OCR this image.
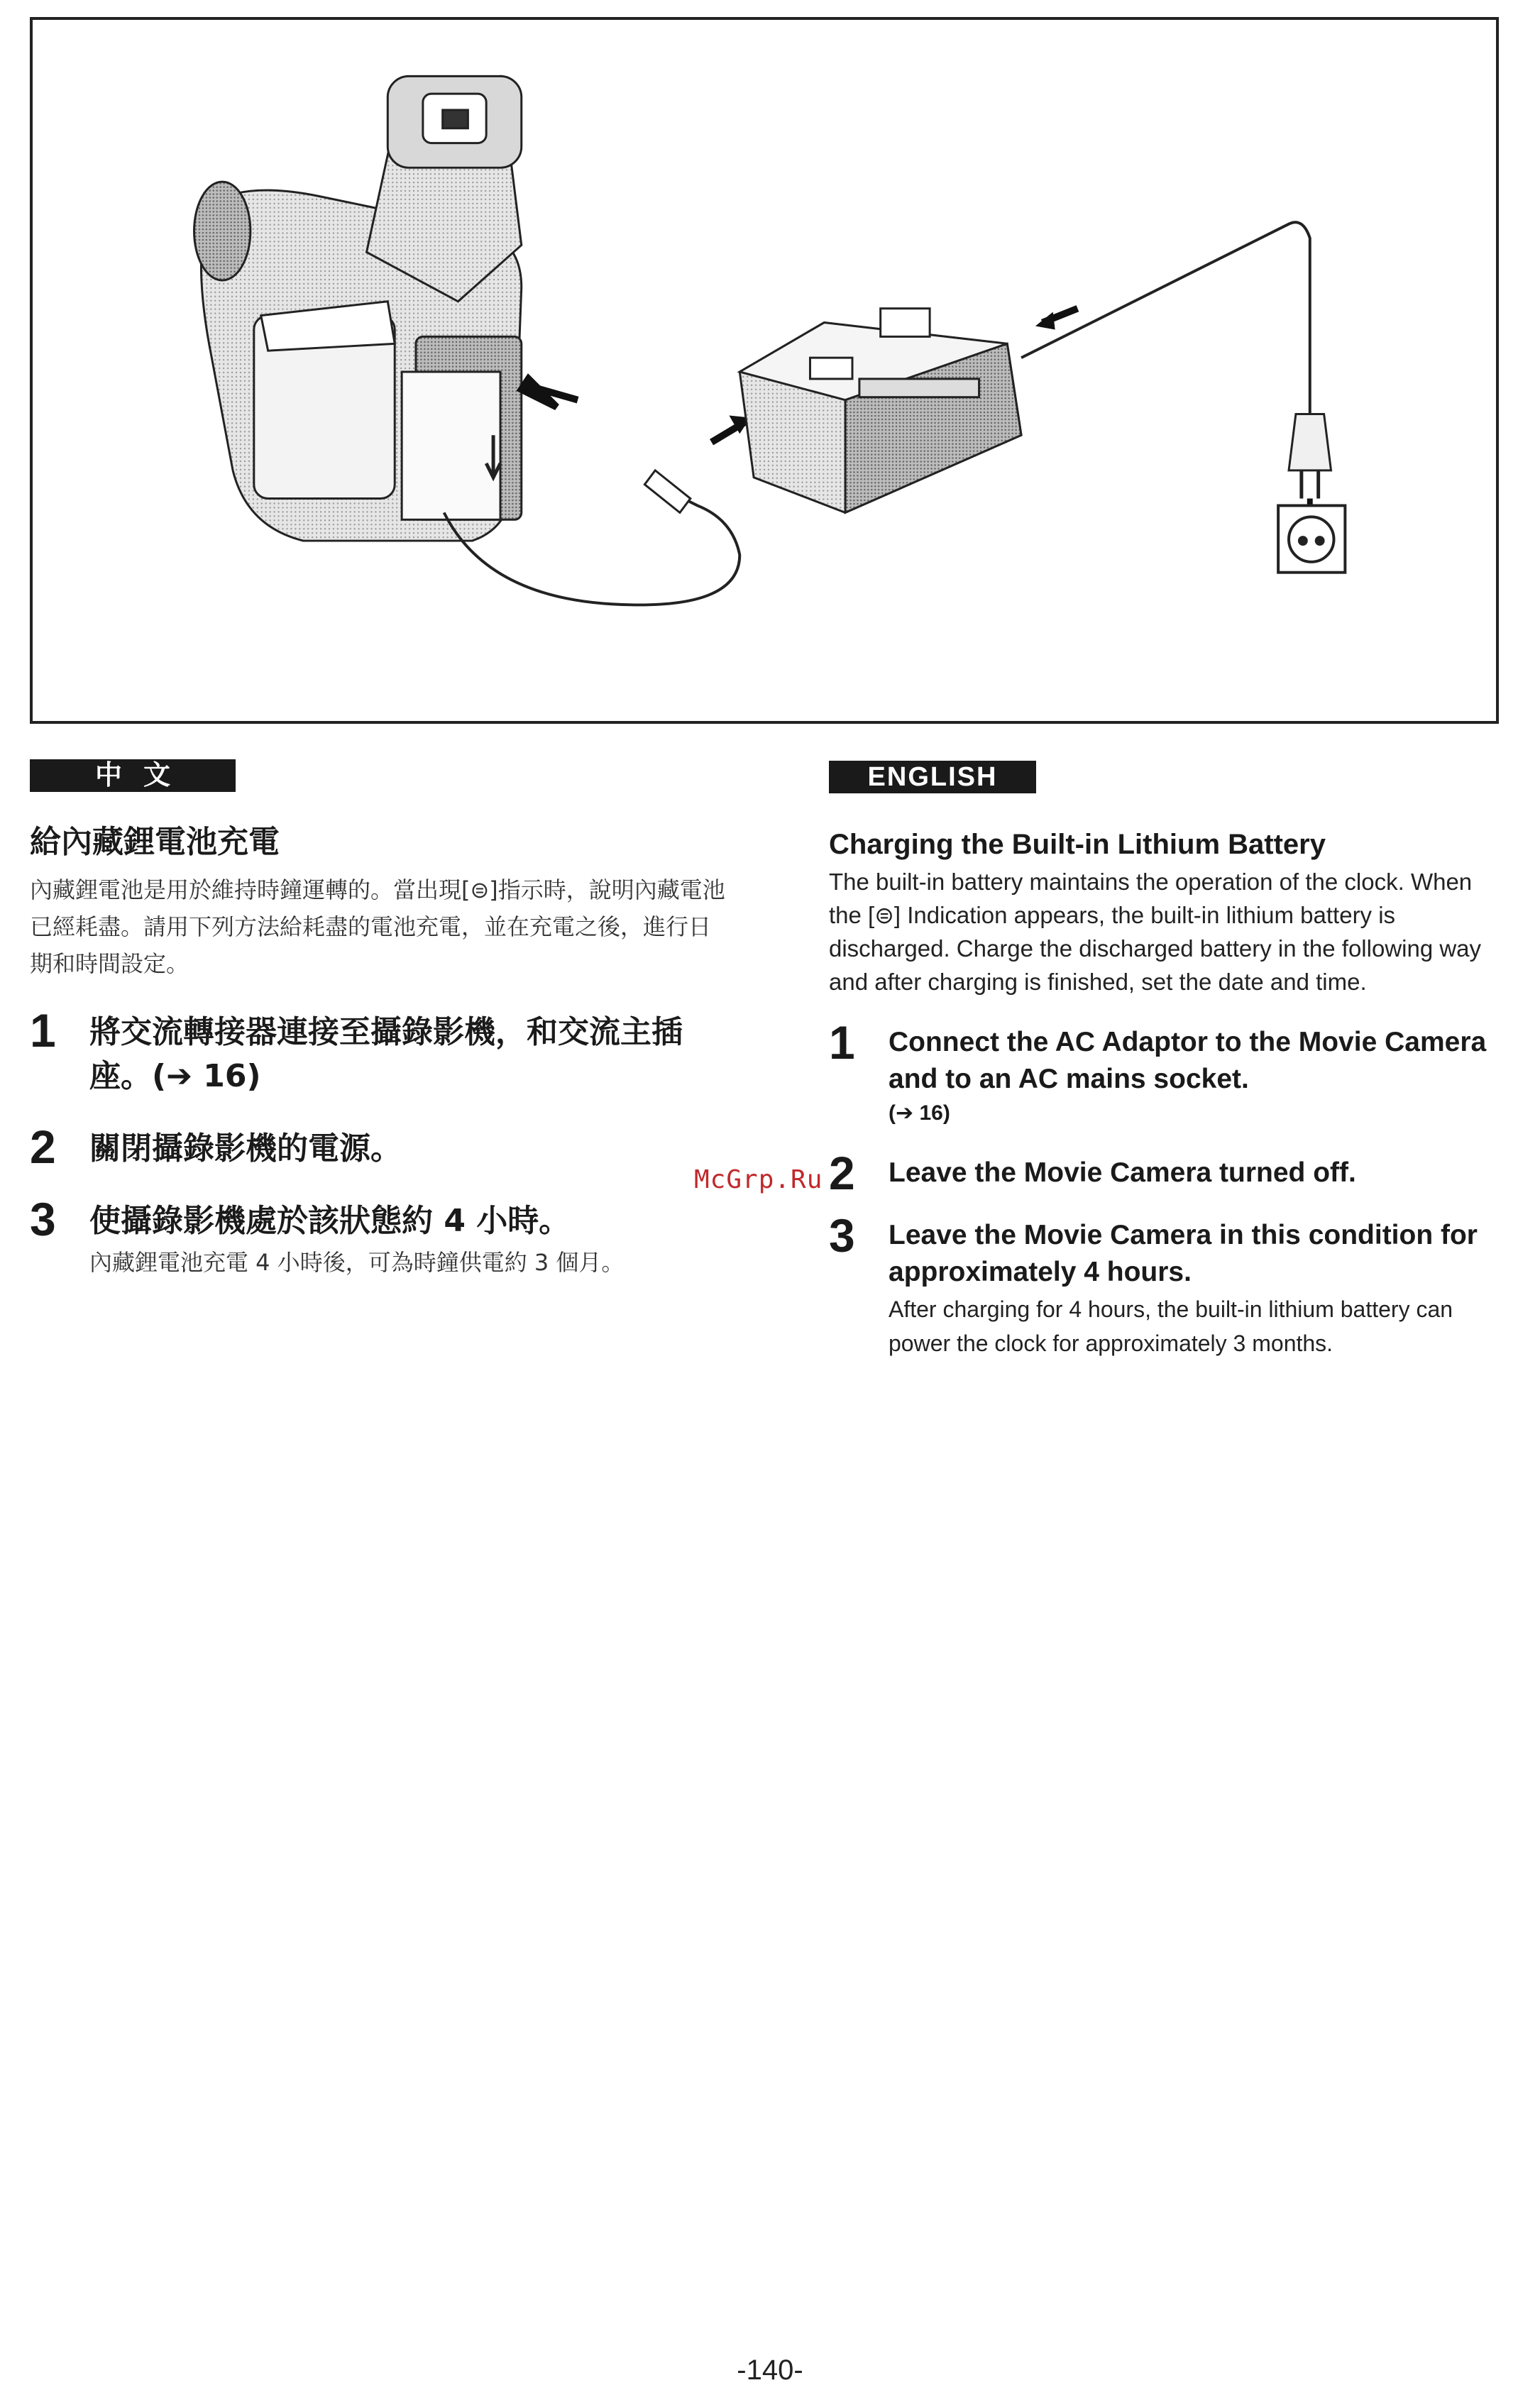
中文
給內藏鋰電池充電

內藏鋰電池是用於維持時鐘運轉的。當出現[⊜]指示時，說明內藏電池已經耗盡。請用下列方法給耗盡的電池充電，並在充電之後，進行日期和時間設定。

1 將交流轉接器連接至攝錄影機，和交流主插座。(➔ 16)
2 關閉攝錄影機的電源。
3 使攝錄影機處於該狀態約 4 小時。
內藏鋰電池充電 4 小時後，可為時鐘供電約 3 個月。
ENGLISH
Charging the Built-in Lithium Battery

The built-in battery maintains the operation of the clock. When the [⊜] Indication appears, the built-in lithium battery is discharged. Charge the discharged battery in the following way and after charging is finished, set the date and time.

1 Connect the AC Adaptor to the Movie Camera and to an AC mains socket.
(➔ 16)
2 Leave the Movie Camera turned off.
3 Leave the Movie Camera in this condition for approximately 4 hours.
After charging for 4 hours, the built-in lithium battery can power the clock for approximately 3 months.
McGrp.Ru
-140-
